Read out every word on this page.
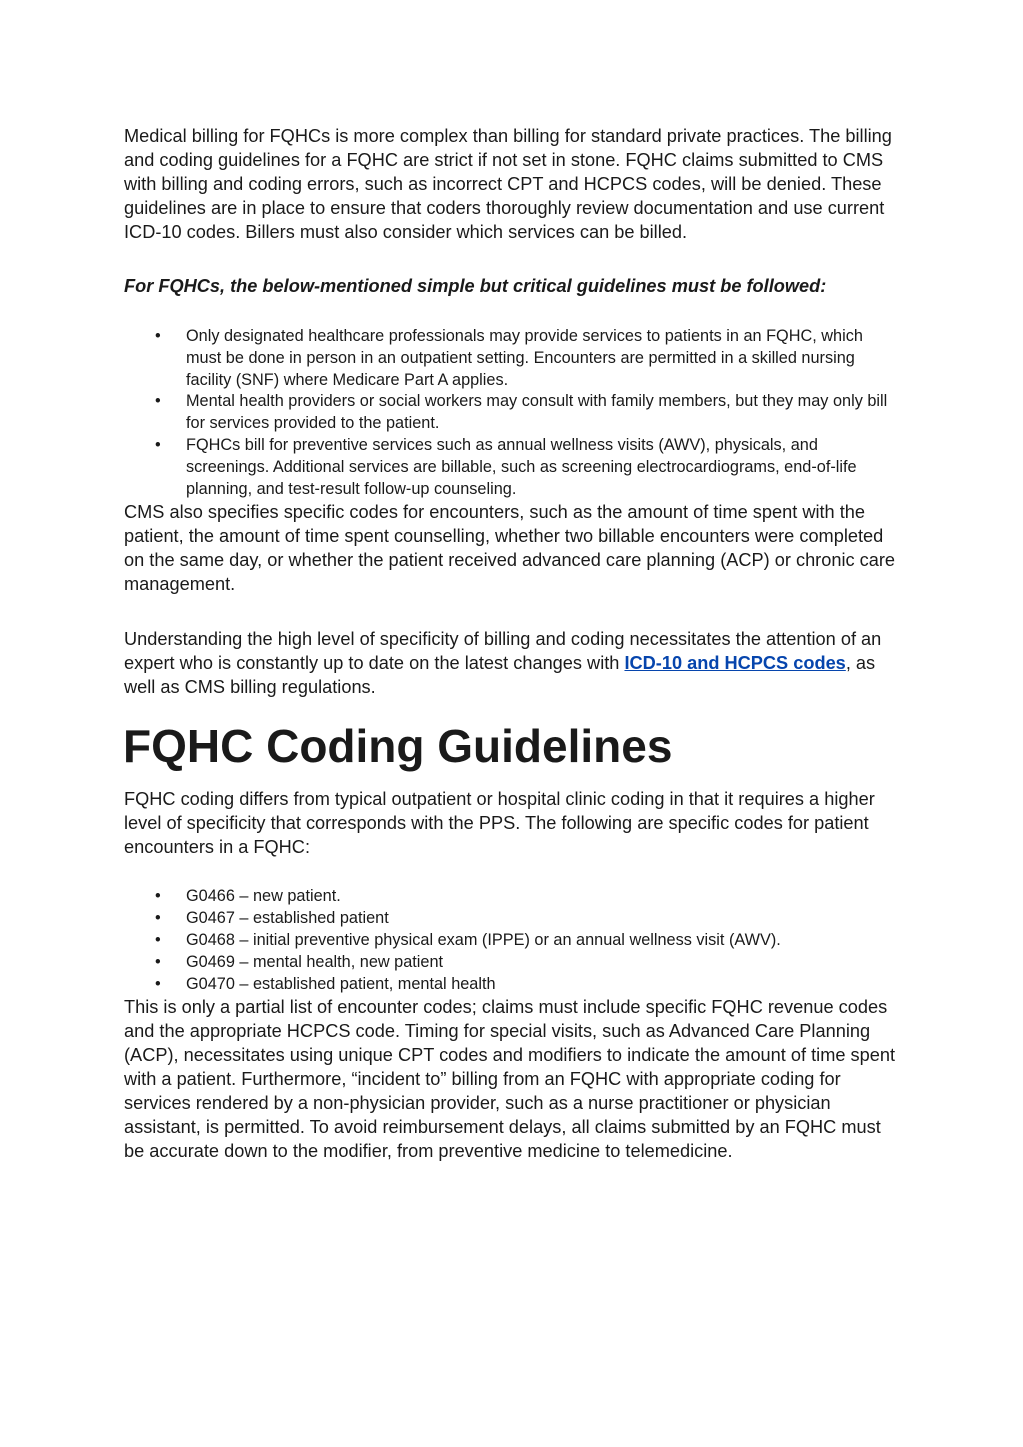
Medical billing for FQHCs is more complex than billing for standard private practices. The billing and coding guidelines for a FQHC are strict if not set in stone. FQHC claims submitted to CMS with billing and coding errors, such as incorrect CPT and HCPCS codes, will be denied. These guidelines are in place to ensure that coders thoroughly review documentation and use current ICD-10 codes. Billers must also consider which services can be billed.

For FQHCs, the below-mentioned simple but critical guidelines must be followed:

• Only designated healthcare professionals may provide services to patients in an FQHC, which must be done in person in an outpatient setting. Encounters are permitted in a skilled nursing facility (SNF) where Medicare Part A applies.
• Mental health providers or social workers may consult with family members, but they may only bill for services provided to the patient.
• FQHCs bill for preventive services such as annual wellness visits (AWV), physicals, and screenings. Additional services are billable, such as screening electrocardiograms, end-of-life planning, and test-result follow-up counseling.

CMS also specifies specific codes for encounters, such as the amount of time spent with the patient, the amount of time spent counselling, whether two billable encounters were completed on the same day, or whether the patient received advanced care planning (ACP) or chronic care management.

Understanding the high level of specificity of billing and coding necessitates the attention of an expert who is constantly up to date on the latest changes with ICD-10 and HCPCS codes, as well as CMS billing regulations.

FQHC Coding Guidelines

FQHC coding differs from typical outpatient or hospital clinic coding in that it requires a higher level of specificity that corresponds with the PPS. The following are specific codes for patient encounters in a FQHC:

• G0466 – new patient.
• G0467 – established patient
• G0468 – initial preventive physical exam (IPPE) or an annual wellness visit (AWV).
• G0469 – mental health, new patient
• G0470 – established patient, mental health

This is only a partial list of encounter codes; claims must include specific FQHC revenue codes and the appropriate HCPCS code. Timing for special visits, such as Advanced Care Planning (ACP), necessitates using unique CPT codes and modifiers to indicate the amount of time spent with a patient. Furthermore, “incident to” billing from an FQHC with appropriate coding for services rendered by a non-physician provider, such as a nurse practitioner or physician assistant, is permitted. To avoid reimbursement delays, all claims submitted by an FQHC must be accurate down to the modifier, from preventive medicine to telemedicine.
